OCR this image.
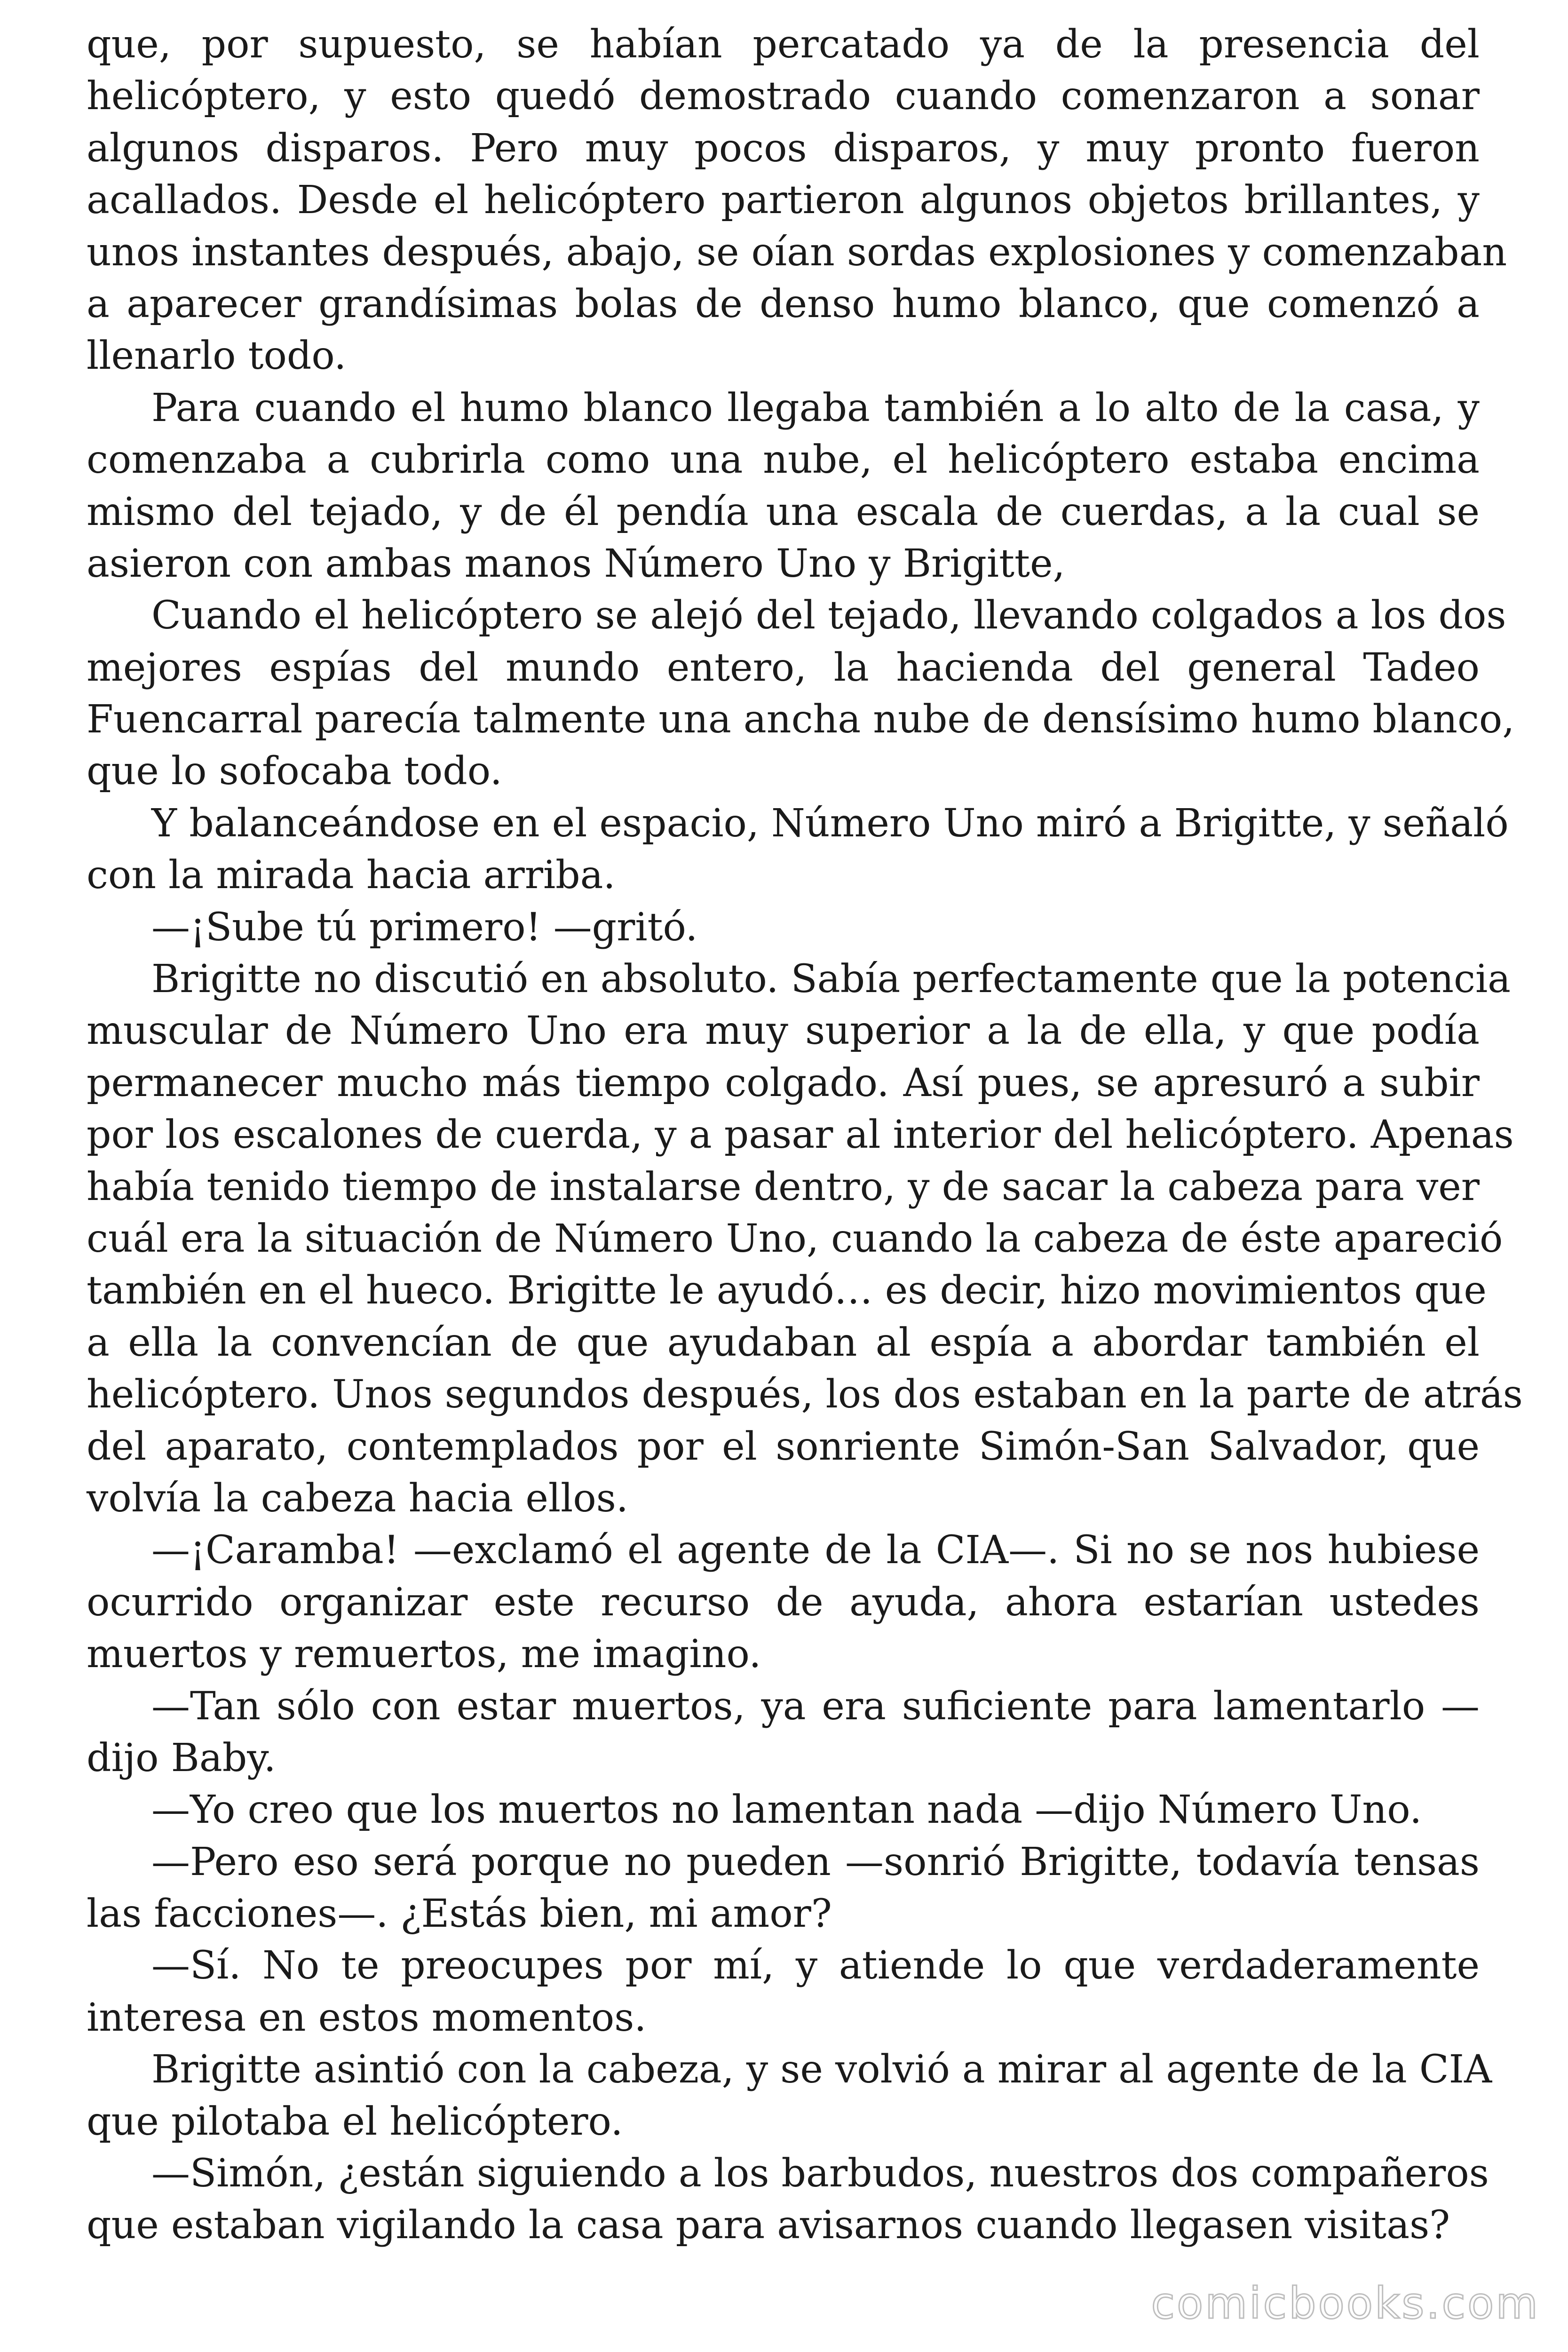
que, por supuesto, se habían percatado ya de la presencia del
helicóptero, y esto quedó demostrado cuando comenzaron a sonar
algunos disparos. Pero muy pocos disparos, y muy pronto fueron
acallados. Desde el helicóptero partieron algunos objetos brillantes, y
unos instantes después, abajo, se oían sordas explosiones y comenzaban
a aparecer grandísimas bolas de denso humo blanco, que comenzó a
llenarlo todo.
Para cuando el humo blanco llegaba también a lo alto de la casa, y
comenzaba a cubrirla como una nube, el helicóptero estaba encima
mismo del tejado, y de él pendía una escala de cuerdas, a la cual se
asieron con ambas manos Número Uno y Brigitte,
Cuando el helicóptero se alejó del tejado, llevando colgados a los dos
mejores espías del mundo entero, la hacienda del general Tadeo
Fuencarral parecía talmente una ancha nube de densísimo humo blanco,
que lo sofocaba todo.
Y balanceándose en el espacio, Número Uno miró a Brigitte, y señaló
con la mirada hacia arriba.
—¡Sube tú primero! —gritó.
Brigitte no discutió en absoluto. Sabía perfectamente que la potencia
muscular de Número Uno era muy superior a la de ella, y que podía
permanecer mucho más tiempo colgado. Así pues, se apresuró a subir
por los escalones de cuerda, y a pasar al interior del helicóptero. Apenas
había tenido tiempo de instalarse dentro, y de sacar la cabeza para ver
cuál era la situación de Número Uno, cuando la cabeza de éste apareció
también en el hueco. Brigitte le ayudó… es decir, hizo movimientos que
a ella la convencían de que ayudaban al espía a abordar también el
helicóptero. Unos segundos después, los dos estaban en la parte de atrás
del aparato, contemplados por el sonriente Simón-San Salvador, que
volvía la cabeza hacia ellos.
—¡Caramba! —exclamó el agente de la CIA—. Si no se nos hubiese
ocurrido organizar este recurso de ayuda, ahora estarían ustedes
muertos y remuertos, me imagino.
—Tan sólo con estar muertos, ya era suficiente para lamentarlo —
dijo Baby.
—Yo creo que los muertos no lamentan nada —dijo Número Uno.
—Pero eso será porque no pueden —sonrió Brigitte, todavía tensas
las facciones—. ¿Estás bien, mi amor?
—Sí. No te preocupes por mí, y atiende lo que verdaderamente
interesa en estos momentos.
Brigitte asintió con la cabeza, y se volvió a mirar al agente de la CIA
que pilotaba el helicóptero.
—Simón, ¿están siguiendo a los barbudos, nuestros dos compañeros
que estaban vigilando la casa para avisarnos cuando llegasen visitas?
comicbooks.com
